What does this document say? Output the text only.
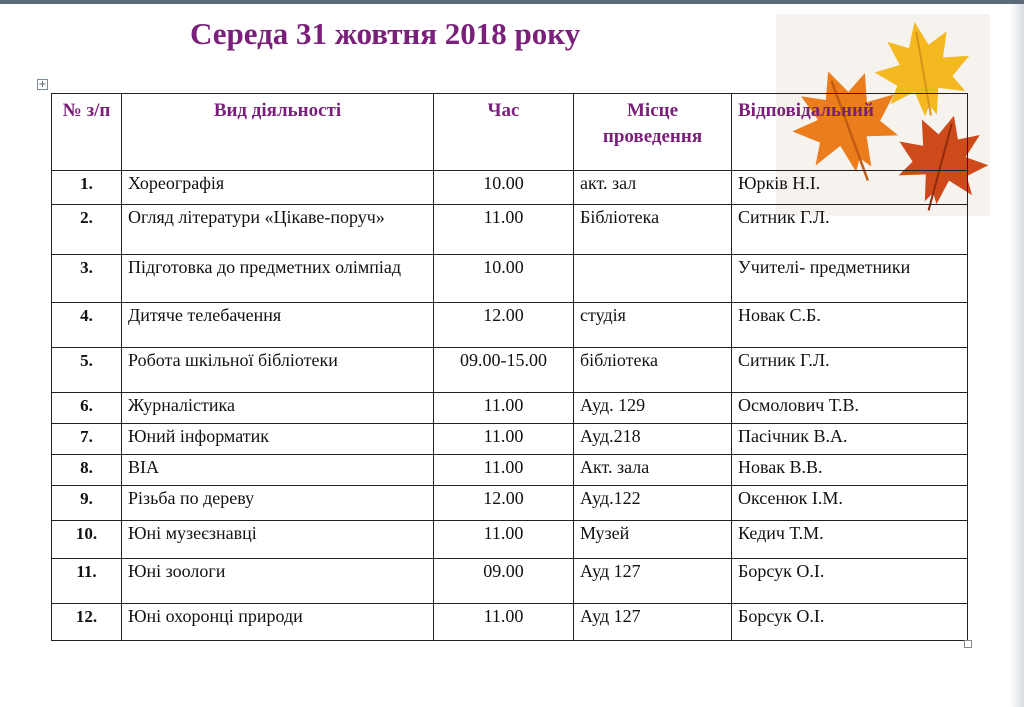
Середа 31 жовтня 2018 року
+
№ з/п	Вид діяльності	Час	Місце проведення	Відповідальний
1.	Хореографія	10.00	акт. зал	Юрків Н.І.
2.	Огляд літератури «Цікаве-поруч»	11.00	Бібліотека	Ситник Г.Л.
3.	Підготовка до предметних олімпіад	10.00		Учителі- предметники
4.	Дитяче телебачення	12.00	студія	Новак С.Б.
5.	Робота шкільної бібліотеки	09.00-15.00	бібліотека	Ситник Г.Л.
6.	Журналістика	11.00	Ауд. 129	Осмолович Т.В.
7.	Юний інформатик	11.00	Ауд.218	Пасічник В.А.
8.	ВІА	11.00	Акт. зала	Новак В.В.
9.	Різьба по дереву	12.00	Ауд.122	Оксенюк І.М.
10.	Юні музеєзнавці	11.00	Музей	Кедич Т.М.
11.	Юні зоологи	09.00	Ауд 127	Борсук О.І.
12.	Юні охоронці природи	11.00	Ауд 127	Борсук О.І.
